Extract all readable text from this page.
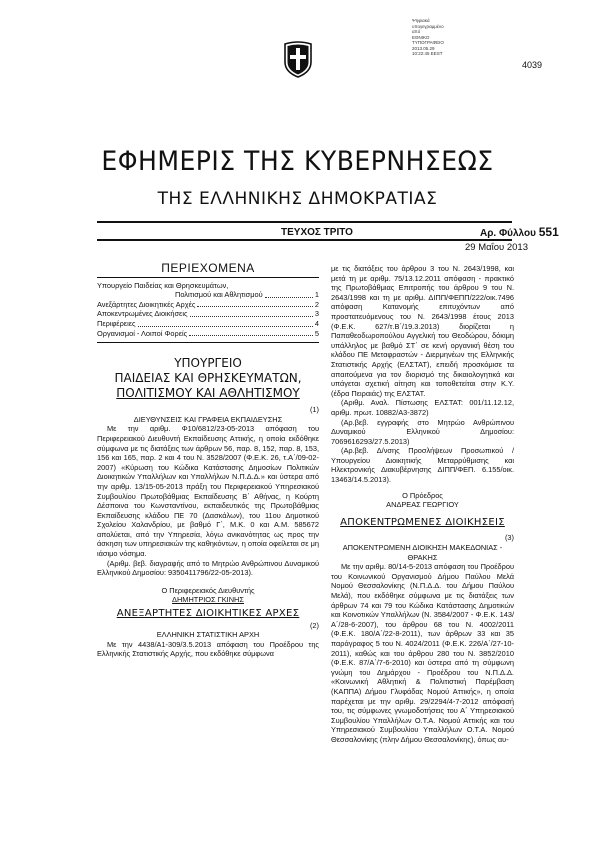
Ψηφιακά
υπογεγραμμένο από
ΕΘΝΙΚΟ
ΤΥΠΟΓΡΑΦΕΙΟ
2013.05.29
10:22:45 EEST
4039
ΕΦΗΜΕΡΙΣ ΤΗΣ ΚΥΒΕΡΝΗΣΕΩΣ
ΤΗΣ ΕΛΛΗΝΙΚΗΣ ΔΗΜΟΚΡΑΤΙΑΣ
ΤΕΥΧΟΣ ΤΡΙΤΟ	Αρ. Φύλλου 551
29 Μαΐου 2013
ΠΕΡΙΕΧΟΜΕΝΑ
Υπουργείο Παιδείας και Θρησκευμάτων,
Πολιτισμού και Αθλητισμού	1
Ανεξάρτητες Διοικητικές Αρχές	2
Αποκεντρωμένες Διοικήσεις	3
Περιφέρειες	4
Οργανισμοί - Λοιποί Φορείς	5
ΥΠΟΥΡΓΕΙΟ
ΠΑΙΔΕΙΑΣ ΚΑΙ ΘΡΗΣΚΕΥΜΑΤΩΝ,
ΠΟΛΙΤΙΣΜΟΥ ΚΑΙ ΑΘΛΗΤΙΣΜΟΥ
(1)
ΔΙΕΥΘΥΝΣΕΙΣ ΚΑΙ ΓΡΑΦΕΙΑ ΕΚΠΑΙΔΕΥΣΗΣ

Με την αριθμ. Φ10/6812/23-05-2013 απόφαση του Περιφερειακού Διευθυντή Εκπαίδευσης Αττικής, η οποία εκδόθηκε σύμφωνα με τις διατάξεις των άρθρων 56, παρ. 8, 152, παρ. 8, 153, 156 και 165, παρ. 2 και 4 του Ν. 3528/2007 (Φ.Ε.Κ. 26, τ.Α΄/09-02-2007) «Κύρωση του Κώδικα Κατάστασης Δημοσίων Πολιτικών Διοικητικών Υπαλλήλων και Υπαλλήλων Ν.Π.Δ.Δ.» και ύστερα από την αριθμ. 13/15-05-2013 πράξη του Περιφερειακού Υπηρεσιακού Συμβουλίου Πρωτοβάθμιας Εκπαίδευσης Β΄ Αθήνας, η Κούρτη Δέσποινα του Κωνσταντίνου, εκπαιδευτικός της Πρωτοβάθμιας Εκπαίδευσης κλάδου ΠΕ 70 (Δασκάλων), του 11ου Δημοτικού Σχολείου Χαλανδρίου, με βαθμό Γ΄, Μ.Κ. 0 και Α.Μ. 585672 απολύεται, από την Υπηρεσία, λόγω ανικανότητας ως προς την άσκηση των υπηρεσιακών της καθηκόντων, η οποία οφείλεται σε μη ιάσιμο νόσημα.

(Αριθμ. βεβ. διαγραφής από το Μητρώο Ανθρώπινου Δυναμικού Ελληνικού Δημοσίου: 9350411796/22-05-2013).

Ο Περιφερειακός Διευθυντής
ΔΗΜΗΤΡΙΟΣ ΓΚΙΝΗΣ
ΑΝΕΞΑΡΤΗΤΕΣ ΔΙΟΙΚΗΤΙΚΕΣ ΑΡΧΕΣ
(2)
ΕΛΛΗΝΙΚΗ ΣΤΑΤΙΣΤΙΚΗ ΑΡΧΗ

Με την 4438/Α1-309/3.5.2013 απόφαση του Προέδρου της Ελληνικής Στατιστικής Αρχής, που εκδόθηκε σύμφωνα

με τις διατάξεις του άρθρου 3 του Ν. 2643/1998, και μετά τη με αριθμ. 75/13.12.2011 απόφαση - πρακτικό της Πρωτοβάθμιας Επιτροπής του άρθρου 9 του Ν. 2643/1998 και τη με αριθμ. ΔΙΠΠ/ΦΕΠΠ/222/οικ.7496 απόφαση Κατανομής επιτυχόντων από προστατευόμενους του Ν. 2643/1998 έτους 2013 (Φ.Ε.Κ. 627/τ.Β΄/19.3.2013) διορίζεται η Παπαθεοδωροπούλου Αγγελική του Θεοδώρου, δόκιμη υπάλληλος με βαθμό ΣΤ΄ σε κενή οργανική θέση του κλάδου ΠΕ Μεταφραστών - Διερμηνέων της Ελληνικής Στατιστικής Αρχής (ΕΛΣΤΑΤ), επειδή προσκόμισε τα απαιτούμενα για τον διορισμό της δικαιολογητικά και υπάγεται σχετική αίτηση και τοποθετείται στην Κ.Υ. (έδρα Πειραιάς) της ΕΛΣΤΑΤ.

(Αριθμ. Αναλ. Πίστωσης ΕΛΣΤΑΤ: 001/11.12.12, αριθμ. πρωτ. 10882/Α3-3872)

(Αρ.βεβ. εγγραφής στο Μητρώο Ανθρώπινου Δυναμικού Ελληνικού Δημοσίου: 7069616293/27.5.2013)

(Αρ.βεβ. Δ/νσης Προσλήψεων Προσωπικού / Υπουργείου Διοικητικής Μεταρρύθμισης και Ηλεκτρονικής Διακυβέρνησης ΔΙΠΠ/ΦΕΠ. 6.155/οικ. 13463/14.5.2013).

Ο Πρόεδρος
ΑΝΔΡΕΑΣ ΓΕΩΡΓΙΟΥ
ΑΠΟΚΕΝΤΡΩΜΕΝΕΣ ΔΙΟΙΚΗΣΕΙΣ
(3)
ΑΠΟΚΕΝΤΡΩΜΕΝΗ ΔΙΟΙΚΗΣΗ ΜΑΚΕΔΟΝΙΑΣ - ΘΡΑΚΗΣ

Με την αριθμ. 80/14-5-2013 απόφαση του Προέδρου του Κοινωνικού Οργανισμού Δήμου Παύλου Μελά Νομού Θεσσαλονίκης (Ν.Π.Δ.Δ. του Δήμου Παύλου Μελά), που εκδόθηκε σύμφωνα με τις διατάξεις των άρθρων 74 και 79 του Κώδικα Κατάστασης Δημοτικών και Κοινοτικών Υπαλλήλων (Ν. 3584/2007 - Φ.Ε.Κ. 143/Α΄/28-6-2007), του άρθρου 68 του Ν. 4002/2011 (Φ.Ε.Κ. 180/Α΄/22-8-2011), των άρθρων 33 και 35 παράγραφος 5 του Ν. 4024/2011 (Φ.Ε.Κ. 226/Α΄/27-10-2011), καθώς και του άρθρου 280 του Ν. 3852/2010 (Φ.Ε.Κ. 87/Α΄/7-6-2010) και ύστερα από τη σύμφωνη γνώμη του Δημάρχου - Προέδρου του Ν.Π.Δ.Δ. «Κοινωνική Αθλητική & Πολιτιστική Παρέμβαση (ΚΑΠΠΑ) Δήμου Γλυφάδας Νομού Αττικής», η οποία παρέχεται με την αριθμ. 29/2294/4-7-2012 απόφασή του, τις σύμφωνες γνωμοδοτήσεις του Α΄ Υπηρεσιακού Συμβουλίου Υπαλλήλων Ο.Τ.Α. Νομού Αττικής και του Υπηρεσιακού Συμβουλίου Υπαλλήλων Ο.Τ.Α. Νομού Θεσσαλονίκης (πλην Δήμου Θεσσαλονίκης), όπως αυ-
